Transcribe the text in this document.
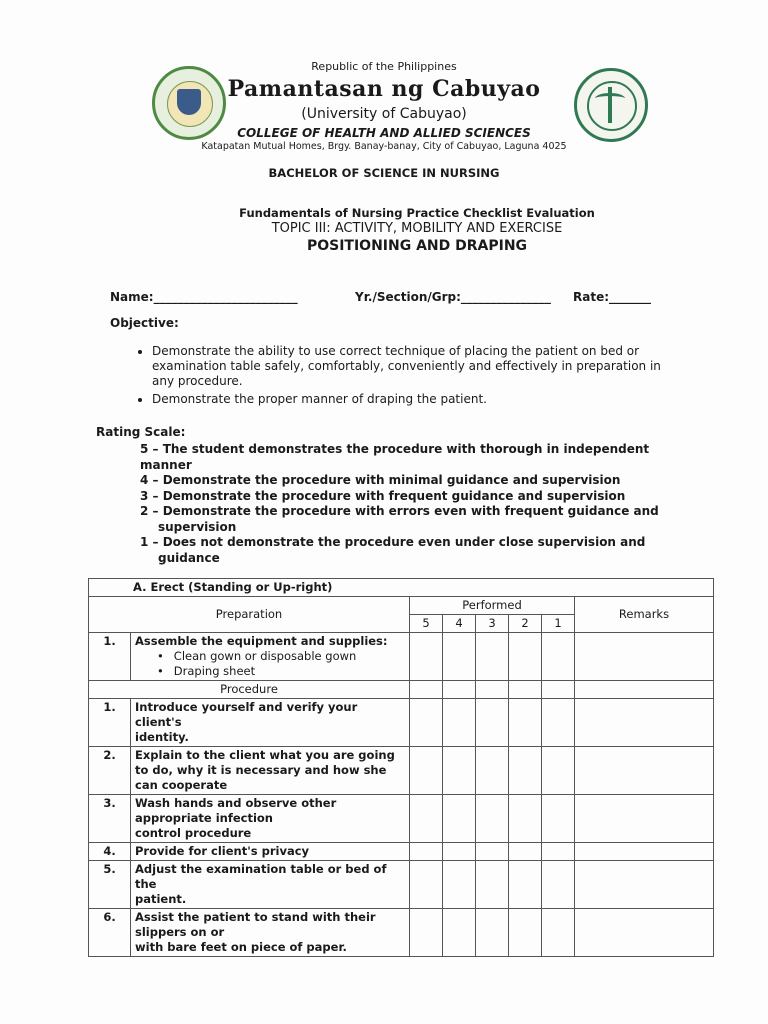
Republic of the Philippines
Pamantasan ng Cabuyao
(University of Cabuyao)
COLLEGE OF HEALTH AND ALLIED SCIENCES
Katapatan Mutual Homes, Brgy. Banay-banay, City of Cabuyao, Laguna 4025
BACHELOR OF SCIENCE IN NURSING
Fundamentals of Nursing Practice Checklist Evaluation
TOPIC III: ACTIVITY, MOBILITY AND EXERCISE
POSITIONING AND DRAPING
Name:________________________	Yr./Section/Grp:_______________ Rate:_______
Objective:
• Demonstrate the ability to use correct technique of placing the patient on bed or examination table safely, comfortably, conveniently and effectively in preparation in any procedure.
• Demonstrate the proper manner of draping the patient.
Rating Scale:
5 – The student demonstrates the procedure with thorough in independent manner
4 – Demonstrate the procedure with minimal guidance and supervision
3 – Demonstrate the procedure with frequent guidance and supervision
2 – Demonstrate the procedure with errors even with frequent guidance and
supervision
1 – Does not demonstrate the procedure even under close supervision and
guidance
A. Erect (Standing or Up-right)							
Preparation		Performed					Remarks
		5	4	3	2	1	
1.	Assemble the equipment and supplies:
• Clean gown or disposable gown
• Draping sheet						

Procedure							
1.	Introduce yourself and verify your client's
identity.						

2.	Explain to the client what you are going
to do, why it is necessary and how she
can cooperate						

3.	Wash hands and observe other
appropriate infection
control procedure						

4.	Provide for client's privacy						

5.	Adjust the examination table or bed of the
patient.						

6.	Assist the patient to stand with their
slippers on or
with bare feet on piece of paper.						
